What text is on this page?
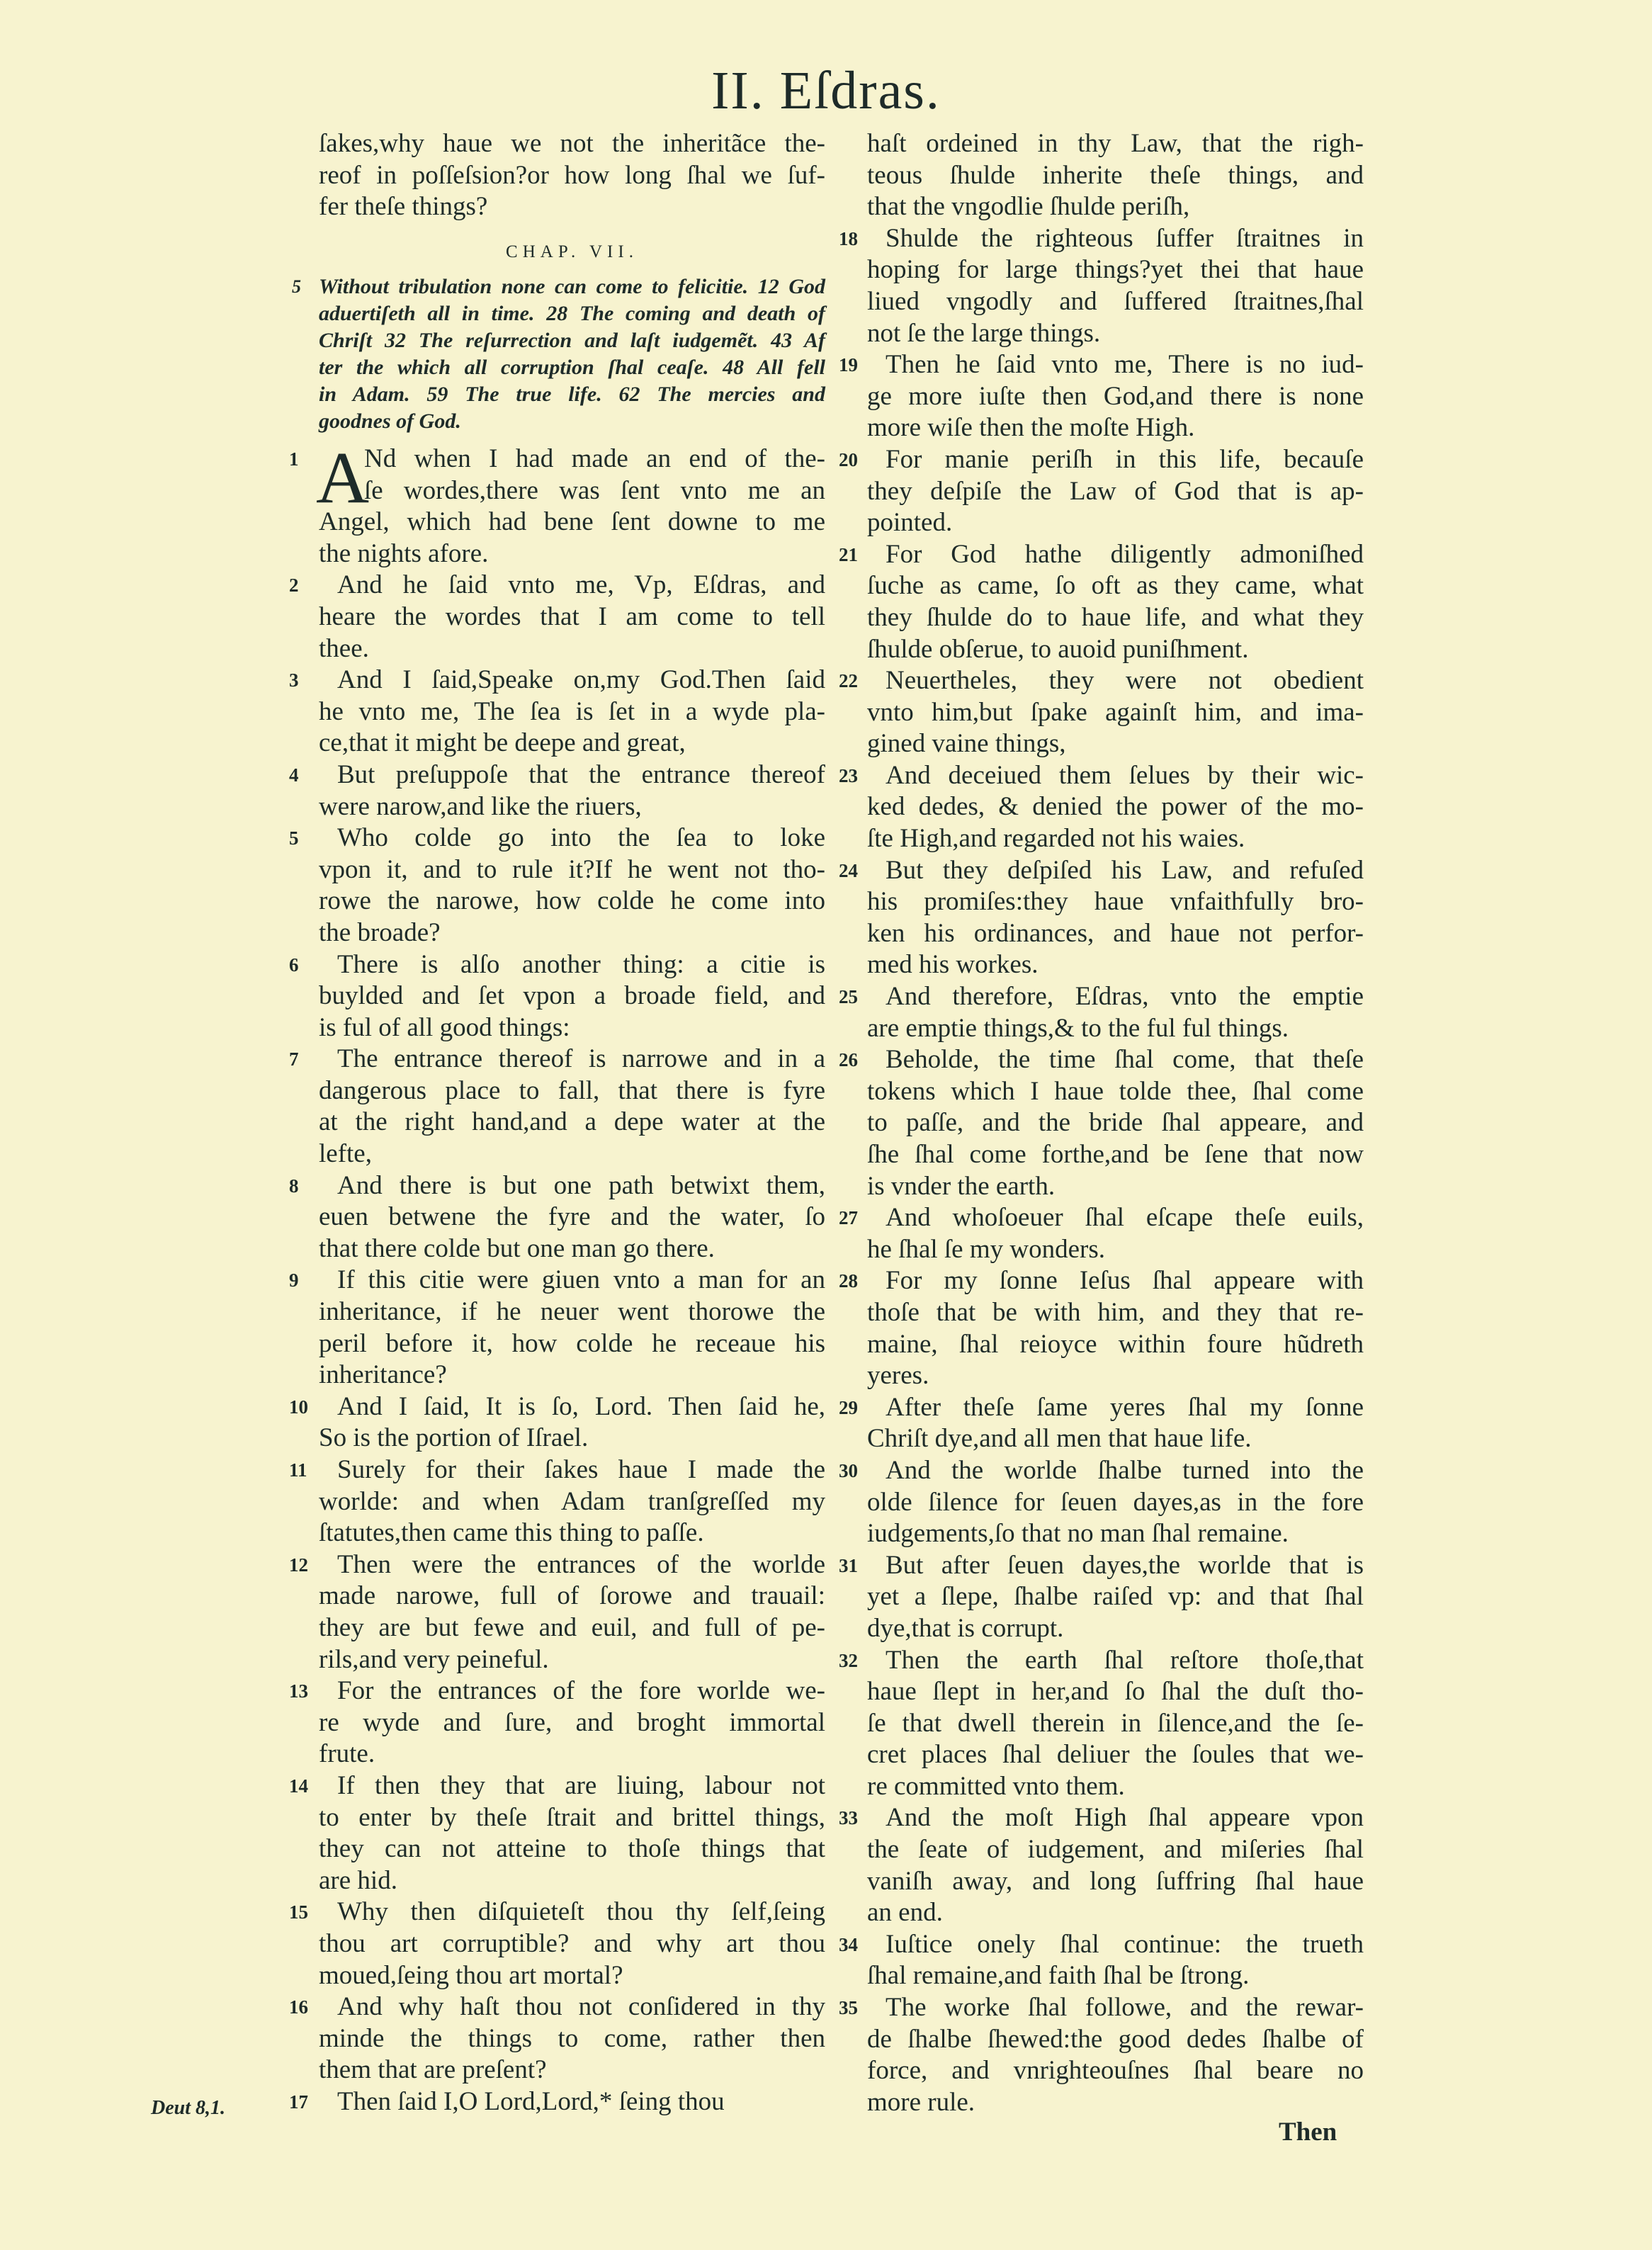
II. Eſdras.
ſakes,why haue we not the inheritãce the-
reof in poſſeſsion?or how long ſhal we ſuf-
fer theſe things?
CHAP. VII.
5 Without tribulation none can come to felicitie. 12 God
aduertiſeth all in time. 28 The coming and death of
Chriſt 32 The reſurrection and laſt iudgemẽt. 43 Af
ter the which all corruption ſhal ceaſe. 48 All fell
in Adam. 59 The true life. 62 The mercies and
goodnes of God.
1 A
Nd when I had made an end of the-
ſe wordes,there was ſent vnto me an
Angel, which had bene ſent downe to me
the nights afore.
2 And he ſaid vnto me, Vp, Eſdras, and
heare the wordes that I am come to tell
thee.
3 And I ſaid,Speake on,my God.Then ſaid
he vnto me, The ſea is ſet in a wyde pla-
ce,that it might be deepe and great,
4 But preſuppoſe that the entrance thereof
were narow,and like the riuers,
5 Who colde go into the ſea to loke
vpon it, and to rule it?If he went not tho-
rowe the narowe, how colde he come into
the broade?
6 There is alſo another thing: a citie is
buylded and ſet vpon a broade field, and
is ful of all good things:
7 The entrance thereof is narrowe and in a
dangerous place to fall, that there is fyre
at the right hand,and a depe water at the
lefte,
8 And there is but one path betwixt them,
euen betwene the fyre and the water, ſo
that there colde but one man go there.
9 If this citie were giuen vnto a man for an
inheritance, if he neuer went thorowe the
peril before it, how colde he receaue his
inheritance?
10 And I ſaid, It is ſo, Lord. Then ſaid he,
So is the portion of Iſrael.
11 Surely for their ſakes haue I made the
worlde: and when Adam tranſgreſſed my
ſtatutes,then came this thing to paſſe.
12 Then were the entrances of the worlde
made narowe, full of ſorowe and trauail:
they are but fewe and euil, and full of pe-
rils,and very peineful.
13 For the entrances of the fore worlde we-
re wyde and ſure, and broght immortal
frute.
14 If then they that are liuing, labour not
to enter by theſe ſtrait and brittel things,
they can not atteine to thoſe things that
are hid.
15 Why then diſquieteſt thou thy ſelf,ſeing
thou art corruptible? and why art thou
moued,ſeing thou art mortal?
16 And why haſt thou not conſidered in thy
minde the things to come, rather then
them that are preſent?
17 Then ſaid I,O Lord,Lord,* ſeing thou
haſt ordeined in thy Law, that the righ-
teous ſhulde inherite theſe things, and
that the vngodlie ſhulde periſh,
18 Shulde the righteous ſuffer ſtraitnes in
hoping for large things?yet thei that haue
liued vngodly and ſuffered ſtraitnes,ſhal
not ſe the large things.
19 Then he ſaid vnto me, There is no iud-
ge more iuſte then God,and there is none
more wiſe then the moſte High.
20 For manie periſh in this life, becauſe
they deſpiſe the Law of God that is ap-
pointed.
21 For God hathe diligently admoniſhed
ſuche as came, ſo oft as they came, what
they ſhulde do to haue life, and what they
ſhulde obſerue, to auoid puniſhment.
22 Neuertheles, they were not obedient
vnto him,but ſpake againſt him, and ima-
gined vaine things,
23 And deceiued them ſelues by their wic-
ked dedes, & denied the power of the mo-
ſte High,and regarded not his waies.
24 But they deſpiſed his Law, and refuſed
his promiſes:they haue vnfaithfully bro-
ken his ordinances, and haue not perfor-
med his workes.
25 And therefore, Eſdras, vnto the emptie
are emptie things,& to the ful ful things.
26 Beholde, the time ſhal come, that theſe
tokens which I haue tolde thee, ſhal come
to paſſe, and the bride ſhal appeare, and
ſhe ſhal come forthe,and be ſene that now
is vnder the earth.
27 And whoſoeuer ſhal eſcape theſe euils,
he ſhal ſe my wonders.
28 For my ſonne Ieſus ſhal appeare with
thoſe that be with him, and they that re-
maine, ſhal reioyce within foure hũdreth
yeres.
29 After theſe ſame yeres ſhal my ſonne
Chriſt dye,and all men that haue life.
30 And the worlde ſhalbe turned into the
olde ſilence for ſeuen dayes,as in the fore
iudgements,ſo that no man ſhal remaine.
31 But after ſeuen dayes,the worlde that is
yet a ſlepe, ſhalbe raiſed vp: and that ſhal
dye,that is corrupt.
32 Then the earth ſhal reſtore thoſe,that
haue ſlept in her,and ſo ſhal the duſt tho-
ſe that dwell therein in ſilence,and the ſe-
cret places ſhal deliuer the ſoules that we-
re committed vnto them.
33 And the moſt High ſhal appeare vpon
the ſeate of iudgement, and miſeries ſhal
vaniſh away, and long ſuffring ſhal haue
an end.
34 Iuſtice onely ſhal continue: the trueth
ſhal remaine,and faith ſhal be ſtrong.
35 The worke ſhal followe, and the rewar-
de ſhalbe ſhewed:the good dedes ſhalbe of
force, and vnrighteouſnes ſhal beare no
more rule.
Deut 8,1.
Then
